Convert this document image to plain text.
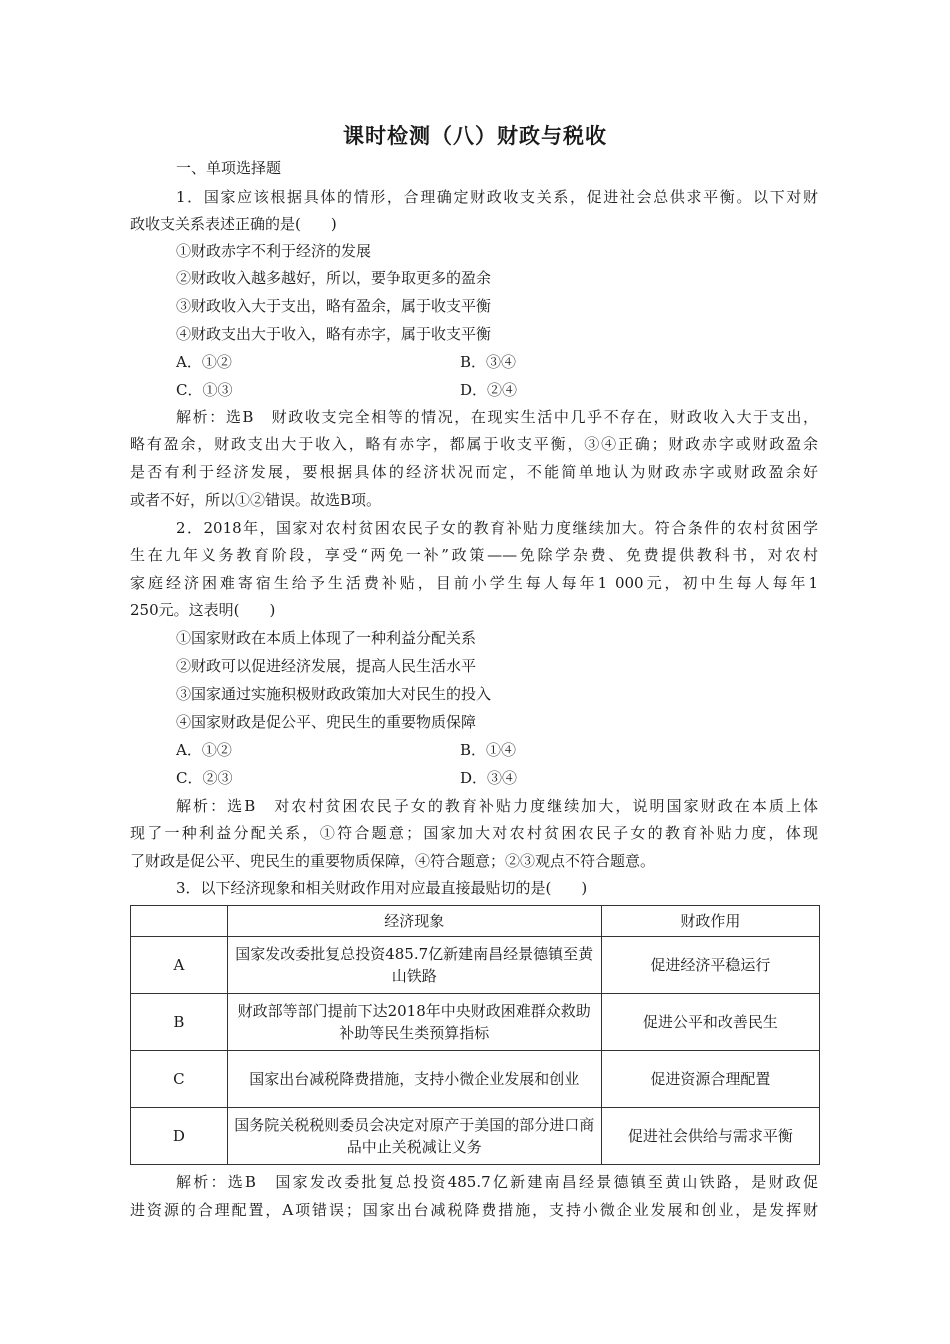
课时检测（八）财政与税收
一、单项选择题
1．国家应该根据具体的情形，合理确定财政收支关系，促进社会总供求平衡。以下对财
政收支关系表述正确的是(　　)
①财政赤字不利于经济的发展
②财政收入越多越好，所以，要争取更多的盈余
③财政收入大于支出，略有盈余，属于收支平衡
④财政支出大于收入，略有赤字，属于收支平衡
A．①②	B．③④
C．①③	D．②④
解析：选B　财政收支完全相等的情况，在现实生活中几乎不存在，财政收入大于支出，
略有盈余，财政支出大于收入，略有赤字，都属于收支平衡，③④正确；财政赤字或财政盈余
是否有利于经济发展，要根据具体的经济状况而定，不能简单地认为财政赤字或财政盈余好
或者不好，所以①②错误。故选B项。
2．2018年，国家对农村贫困农民子女的教育补贴力度继续加大。符合条件的农村贫困学
生在九年义务教育阶段，享受“两免一补”政策——免除学杂费、免费提供教科书，对农村
家庭经济困难寄宿生给予生活费补贴，目前小学生每人每年1 000元，初中生每人每年1
250元。这表明(　　)
①国家财政在本质上体现了一种利益分配关系
②财政可以促进经济发展，提高人民生活水平
③国家通过实施积极财政政策加大对民生的投入
④国家财政是促公平、兜民生的重要物质保障
A．①②	B．①④
C．②③	D．③④
解析：选B　对农村贫困农民子女的教育补贴力度继续加大，说明国家财政在本质上体
现了一种利益分配关系，①符合题意；国家加大对农村贫困农民子女的教育补贴力度，体现
了财政是促公平、兜民生的重要物质保障，④符合题意；②③观点不符合题意。
3．以下经济现象和相关财政作用对应最直接最贴切的是(　　)
	经济现象	财政作用
A	国家发改委批复总投资485.7亿新建南昌经景德镇至黄山铁路	促进经济平稳运行
B	财政部等部门提前下达2018年中央财政困难群众救助补助等民生类预算指标	促进公平和改善民生
C	国家出台减税降费措施，支持小微企业发展和创业	促进资源合理配置
D	国务院关税税则委员会决定对原产于美国的部分进口商品中止关税减让义务	促进社会供给与需求平衡
解析：选B　国家发改委批复总投资485.7亿新建南昌经景德镇至黄山铁路，是财政促
进资源的合理配置，A项错误；国家出台减税降费措施，支持小微企业发展和创业，是发挥财
